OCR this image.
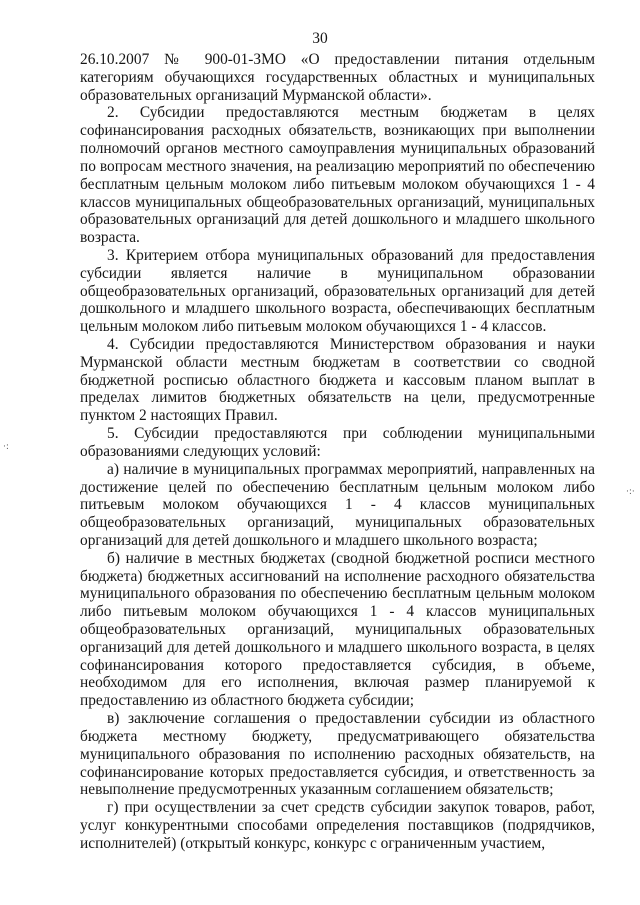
30

26.10.2007 № 900-01-ЗМО «О предоставлении питания отдельным категориям обучающихся государственных областных и муниципальных образовательных организаций Мурманской области».

2. Субсидии предоставляются местным бюджетам в целях софинансирования расходных обязательств, возникающих при выполнении полномочий органов местного самоуправления муниципальных образований по вопросам местного значения, на реализацию мероприятий по обеспечению бесплатным цельным молоком либо питьевым молоком обучающихся 1 - 4 классов муниципальных общеобразовательных организаций, муниципальных образовательных организаций для детей дошкольного и младшего школьного возраста.

3. Критерием отбора муниципальных образований для предоставления субсидии является наличие в муниципальном образовании общеобразовательных организаций, образовательных организаций для детей дошкольного и младшего школьного возраста, обеспечивающих бесплатным цельным молоком либо питьевым молоком обучающихся 1 - 4 классов.

4. Субсидии предоставляются Министерством образования и науки Мурманской области местным бюджетам в соответствии со сводной бюджетной росписью областного бюджета и кассовым планом выплат в пределах лимитов бюджетных обязательств на цели, предусмотренные пунктом 2 настоящих Правил.

5. Субсидии предоставляются при соблюдении муниципальными образованиями следующих условий:

а) наличие в муниципальных программах мероприятий, направленных на достижение целей по обеспечению бесплатным цельным молоком либо питьевым молоком обучающихся 1 - 4 классов муниципальных общеобразовательных организаций, муниципальных образовательных организаций для детей дошкольного и младшего школьного возраста;

б) наличие в местных бюджетах (сводной бюджетной росписи местного бюджета) бюджетных ассигнований на исполнение расходного обязательства муниципального образования по обеспечению бесплатным цельным молоком либо питьевым молоком обучающихся 1 - 4 классов муниципальных общеобразовательных организаций, муниципальных образовательных организаций для детей дошкольного и младшего школьного возраста, в целях софинансирования которого предоставляется субсидия, в объеме, необходимом для его исполнения, включая размер планируемой к предоставлению из областного бюджета субсидии;

в) заключение соглашения о предоставлении субсидии из областного бюджета местному бюджету, предусматривающего обязательства муниципального образования по исполнению расходных обязательств, на софинансирование которых предоставляется субсидия, и ответственность за невыполнение предусмотренных указанным соглашением обязательств;

г) при осуществлении за счет средств субсидии закупок товаров, работ, услуг конкурентными способами определения поставщиков (подрядчиков, исполнителей) (открытый конкурс, конкурс с ограниченным участием,

·:
·:·
